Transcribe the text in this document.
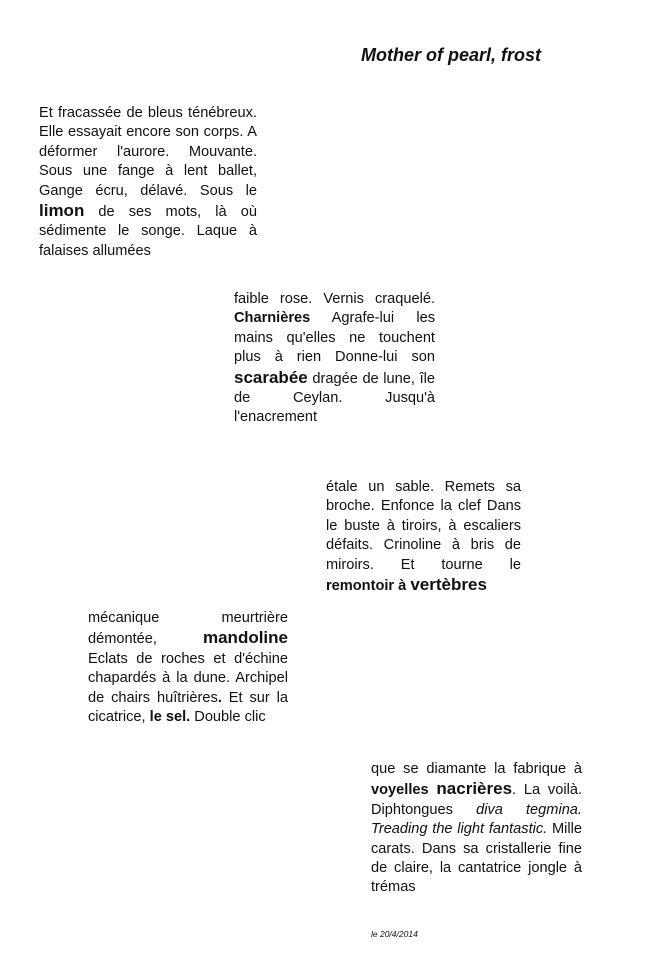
Mother of pearl, frost
Et fracassée de bleus ténébreux. Elle essayait encore son corps. A déformer l'aurore. Mouvante. Sous une fange à lent ballet, Gange écru, délavé. Sous le limon de ses mots, là où sédimente le songe. Laque à falaises allumées
faible rose. Vernis craquelé. Charnières Agrafe-lui les mains qu'elles ne touchent plus à rien Donne-lui son scarabée dragée de lune, île de Ceylan. Jusqu'à l'enacrement
étale un sable. Remets sa broche. Enfonce la clef Dans le buste à tiroirs, à escaliers défaits. Crinoline à bris de miroirs. Et tourne le remontoir à vertèbres
mécanique meurtrière démontée, mandoline Eclats de roches et d'échine chapardés à la dune. Archipel de chairs huîtrières. Et sur la cicatrice, le sel. Double clic
que se diamante la fabrique à voyelles nacrières. La voilà. Diphtongues diva tegmina. Treading the light fantastic. Mille carats. Dans sa cristallerie fine de claire, la cantatrice jongle à trémas
le 20/4/2014
